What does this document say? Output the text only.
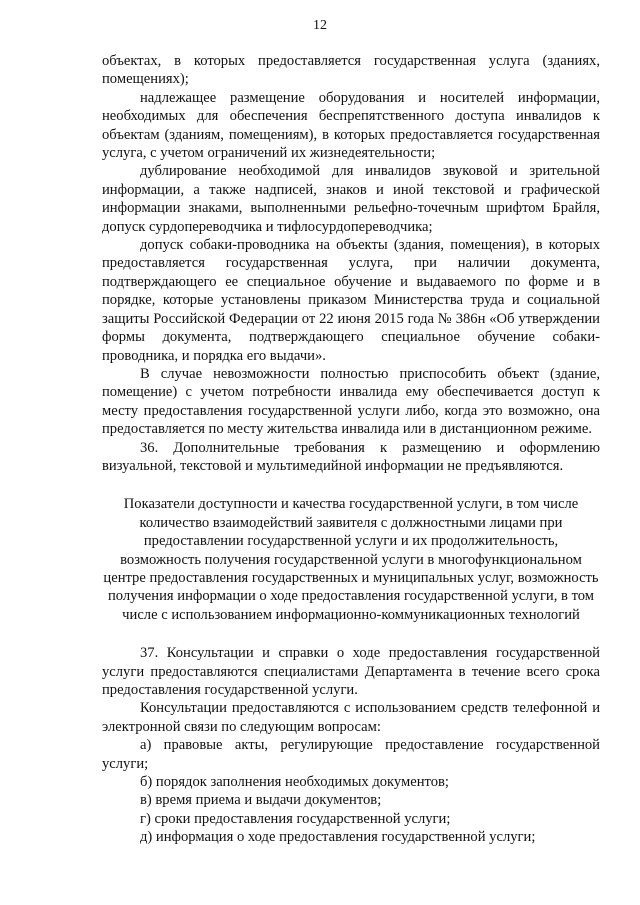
12

объектах, в которых предоставляется государственная услуга (зданиях, помещениях);

надлежащее размещение оборудования и носителей информации, необходимых для обеспечения беспрепятственного доступа инвалидов к объектам (зданиям, помещениям), в которых предоставляется государственная услуга, с учетом ограничений их жизнедеятельности;

дублирование необходимой для инвалидов звуковой и зрительной информации, а также надписей, знаков и иной текстовой и графической информации знаками, выполненными рельефно-точечным шрифтом Брайля, допуск сурдопереводчика и тифлосурдопереводчика;

допуск собаки-проводника на объекты (здания, помещения), в которых предоставляется государственная услуга, при наличии документа, подтверждающего ее специальное обучение и выдаваемого по форме и в порядке, которые установлены приказом Министерства труда и социальной защиты Российской Федерации от 22 июня 2015 года № 386н «Об утверждении формы документа, подтверждающего специальное обучение собаки-проводника, и порядка его выдачи».

В случае невозможности полностью приспособить объект (здание, помещение) с учетом потребности инвалида ему обеспечивается доступ к месту предоставления государственной услуги либо, когда это возможно, она предоставляется по месту жительства инвалида или в дистанционном режиме.

36. Дополнительные требования к размещению и оформлению визуальной, текстовой и мультимедийной информации не предъявляются.

Показатели доступности и качества государственной услуги, в том числе количество взаимодействий заявителя с должностными лицами при предоставлении государственной услуги и их продолжительность, возможность получения государственной услуги в многофункциональном центре предоставления государственных и муниципальных услуг, возможность получения информации о ходе предоставления государственной услуги, в том числе с использованием информационно-коммуникационных технологий

37. Консультации и справки о ходе предоставления государственной услуги предоставляются специалистами Департамента в течение всего срока предоставления государственной услуги.

Консультации предоставляются с использованием средств телефонной и электронной связи по следующим вопросам:

а) правовые акты, регулирующие предоставление государственной услуги;

б) порядок заполнения необходимых документов;

в) время приема и выдачи документов;

г) сроки предоставления государственной услуги;

д) информация о ходе предоставления государственной услуги;
